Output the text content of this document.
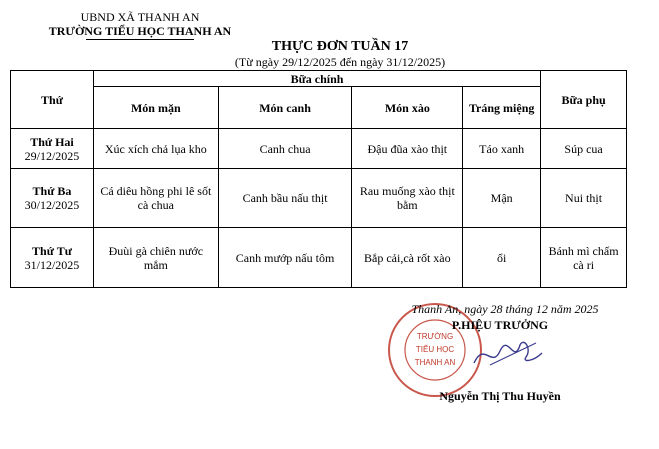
UBND XÃ THANH AN
TRƯỜNG TIỂU HỌC THANH AN
THỰC ĐƠN TUẦN 17
(Từ ngày 29/12/2025 đến ngày 31/12/2025)
Thứ	Bữa chính				Bữa phụ
	Món mặn	Món canh	Món xào	Tráng miệng	

Thứ Hai
29/12/2025	Xúc xích chả lụa kho	Canh chua	Đậu đũa xào thịt	Táo xanh	Súp cua

Thứ Ba
30/12/2025	Cá diêu hồng phi lê sốt cà chua	Canh bầu nấu thịt	Rau muống xào thịt bằm	Mận	Nui thịt

Thứ Tư
31/12/2025	Đuùi gà chiên nước mắm	Canh mướp nấu tôm	Bắp cải,cà rốt xào	ổi	Bánh mì chấm cà ri
TRƯỜNG
TIỂU HỌC
THANH AN
Thanh An, ngày 28 tháng 12 năm 2025
P.HIỆU TRƯỞNG
Nguyễn Thị Thu Huyền
